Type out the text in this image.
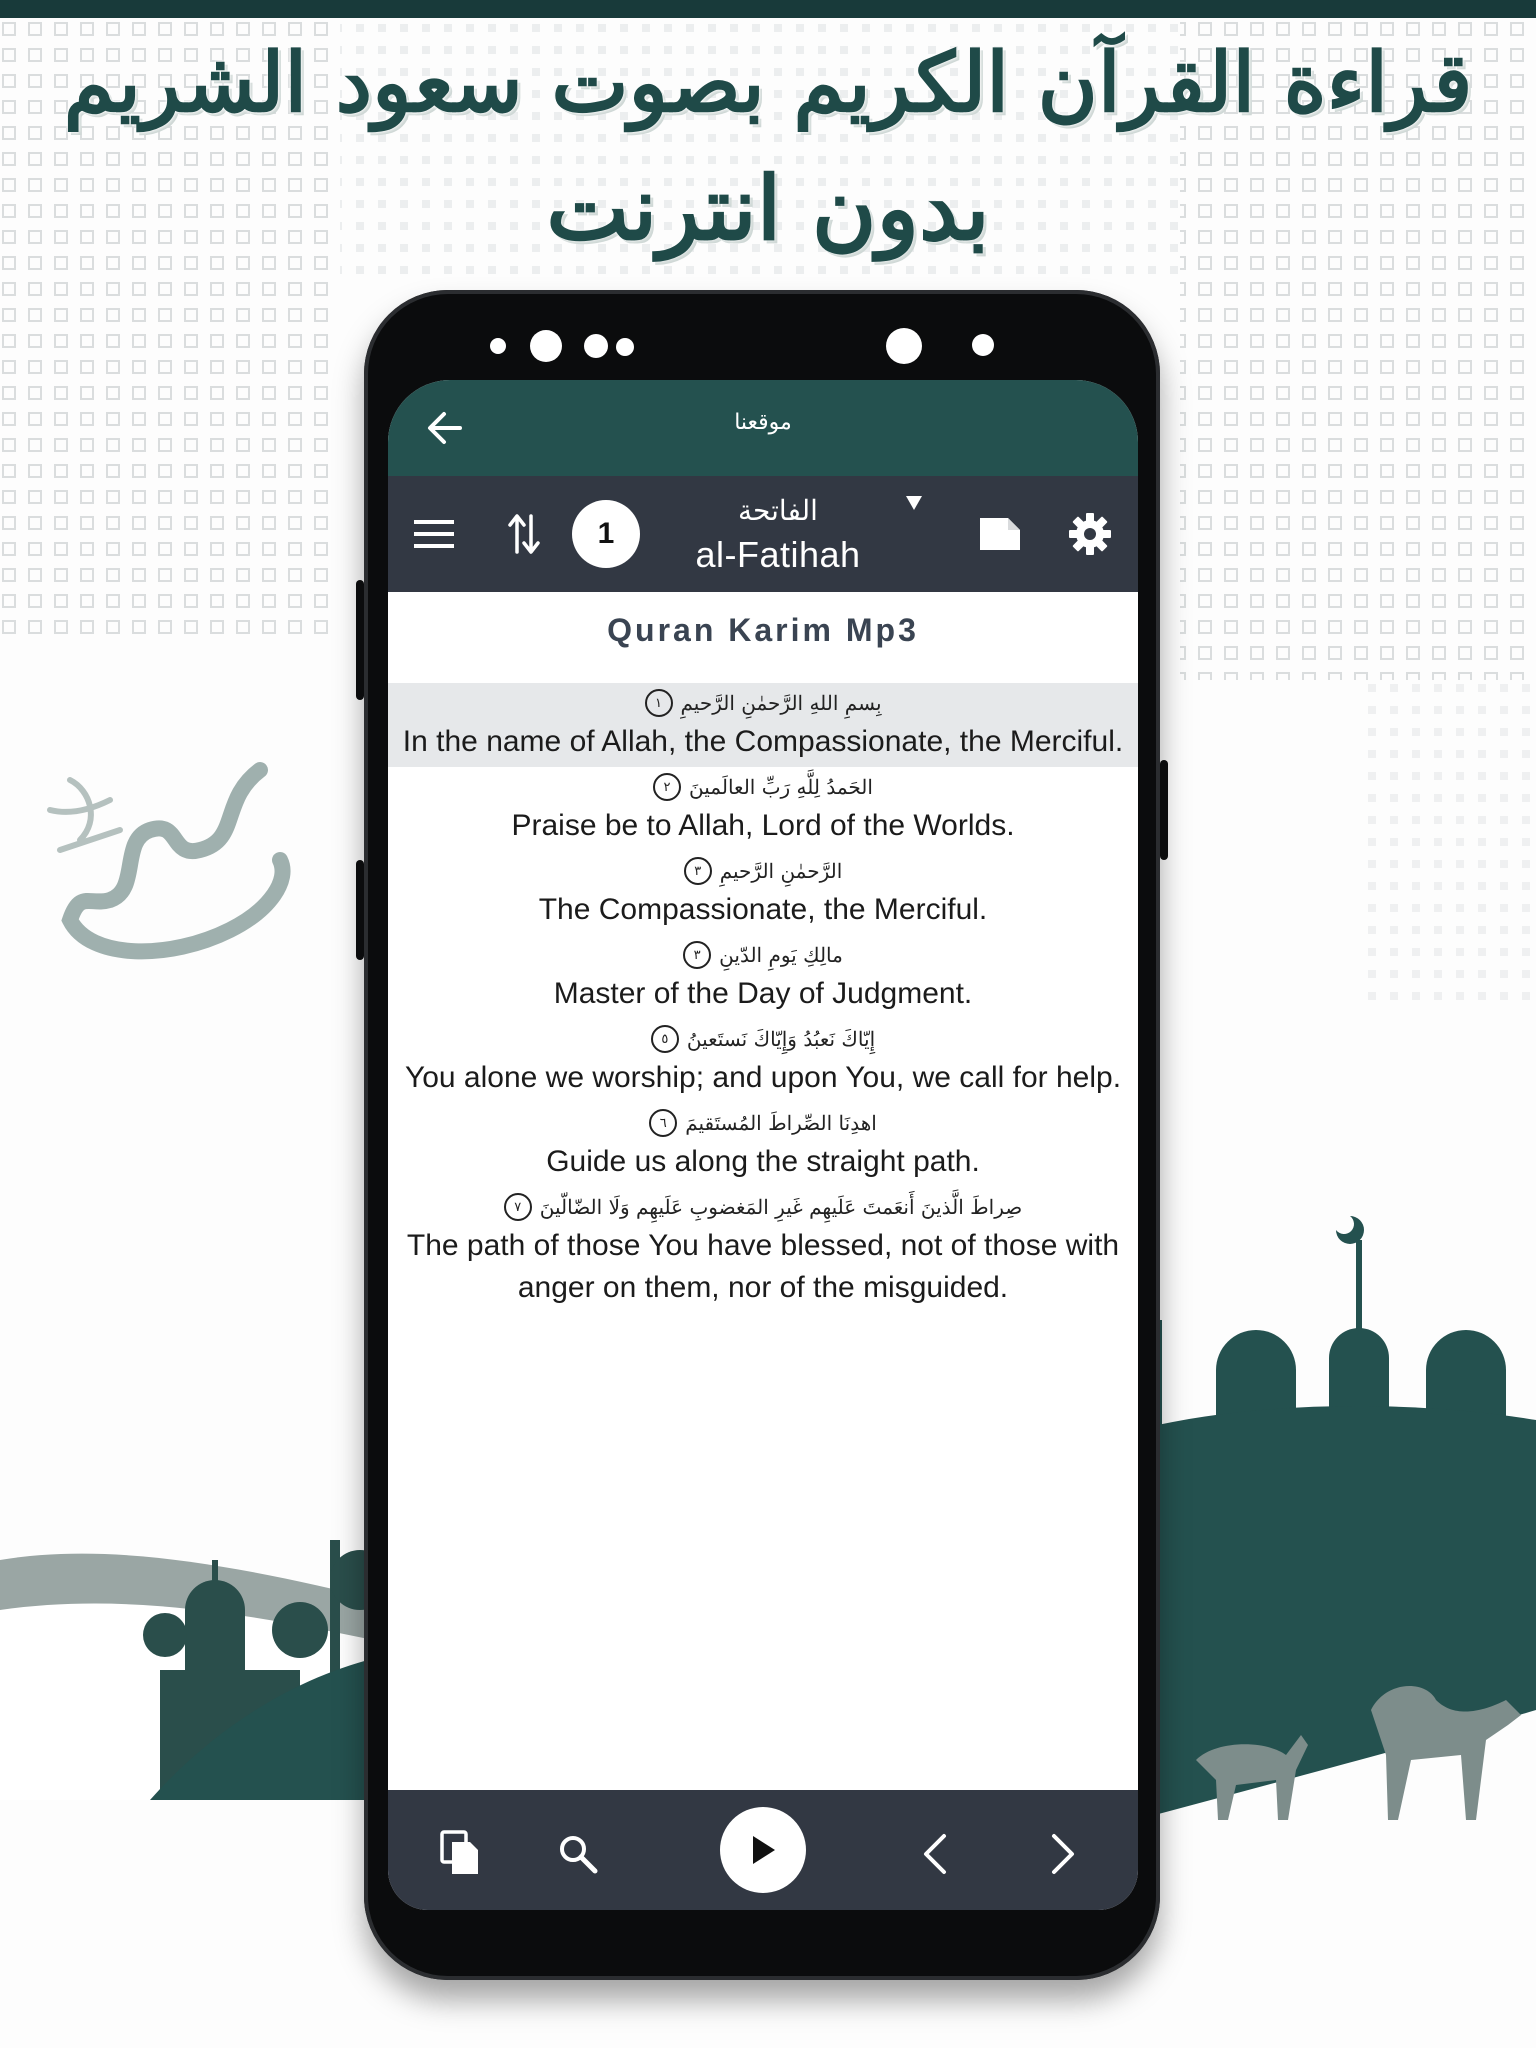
قراءة القرآن الكريم بصوت سعود الشريم
بدون انترنت
موقعنا
1
الفاتحة
al-Fatihah
Quran Karim Mp3
بِسمِ اللهِ الرَّحمٰنِ الرَّحيمِ
١
In the name of Allah, the Compassionate, the Merciful.
الحَمدُ لِلَّهِ رَبِّ العالَمينَ
٢
Praise be to Allah, Lord of the Worlds.
الرَّحمٰنِ الرَّحيمِ
٣
The Compassionate, the Merciful.
مالِكِ يَومِ الدّينِ
٣
Master of the Day of Judgment.
إِيّاكَ نَعبُدُ وَإِيّاكَ نَستَعينُ
٥
You alone we worship; and upon You, we call for help.
اهدِنَا الصِّراطَ المُستَقيمَ
٦
Guide us along the straight path.
صِراطَ الَّذينَ أَنعَمتَ عَلَيهِم غَيرِ المَغضوبِ عَلَيهِم وَلَا الضّالّينَ
٧
The path of those You have blessed, not of those with anger on them, nor of the misguided.
